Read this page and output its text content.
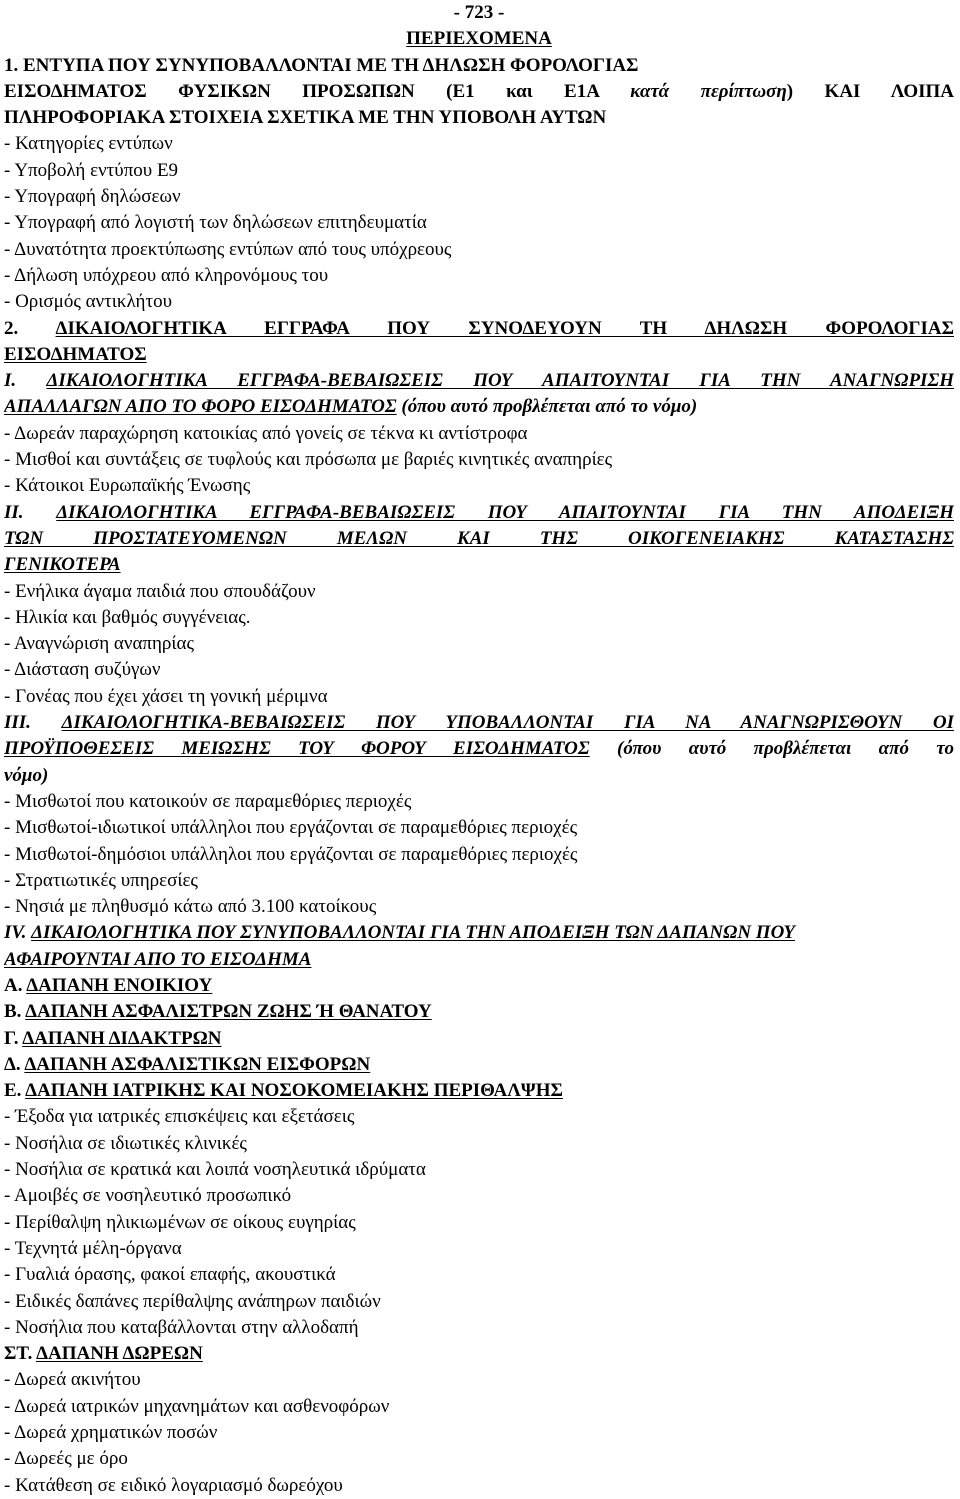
- 723 -
ΠΕΡΙΕΧΟΜΕΝΑ
1. ΕΝΤΥΠΑ ΠΟΥ ΣΥΝΥΠΟΒΑΛΛΟΝΤΑΙ ΜΕ ΤΗ ΔΗΛΩΣΗ ΦΟΡΟΛΟΓΙΑΣ
ΕΙΣΟΔΗΜΑΤΟΣ ΦΥΣΙΚΩΝ ΠΡΟΣΩΠΩΝ (Ε1 και Ε1Α κατά περίπτωση) ΚΑΙ ΛΟΙΠΑ
ΠΛΗΡΟΦΟΡΙΑΚΑ ΣΤΟΙΧΕΙΑ ΣΧΕΤΙΚΑ ΜΕ ΤΗΝ ΥΠΟΒΟΛΗ ΑΥΤΩΝ
- Κατηγορίες εντύπων
- Υποβολή εντύπου Ε9
- Υπογραφή δηλώσεων
- Υπογραφή από λογιστή των δηλώσεων επιτηδευματία
- Δυνατότητα προεκτύπωσης εντύπων από τους υπόχρεους
- Δήλωση υπόχρεου από κληρονόμους του
- Ορισμός αντικλήτου
2. ΔΙΚΑΙΟΛΟΓΗΤΙΚΑ ΕΓΓΡΑΦΑ ΠΟΥ ΣΥΝΟΔΕΥΟΥΝ ΤΗ ΔΗΛΩΣΗ ΦΟΡΟΛΟΓΙΑΣ
ΕΙΣΟΔΗΜΑΤΟΣ
I. ΔΙΚΑΙΟΛΟΓΗΤΙΚΑ ΕΓΓΡΑΦΑ-ΒΕΒΑΙΩΣΕΙΣ ΠΟΥ ΑΠΑΙΤΟΥΝΤΑΙ ΓΙΑ ΤΗΝ ΑΝΑΓΝΩΡΙΣΗ
ΑΠΑΛΛΑΓΩΝ ΑΠΟ ΤΟ ΦΟΡΟ ΕΙΣΟΔΗΜΑΤΟΣ (όπου αυτό προβλέπεται από το νόμο)
- Δωρεάν παραχώρηση κατοικίας από γονείς σε τέκνα κι αντίστροφα
- Μισθοί και συντάξεις σε τυφλούς και πρόσωπα με βαριές κινητικές αναπηρίες
- Κάτοικοι Ευρωπαϊκής Ένωσης
II. ΔΙΚΑΙΟΛΟΓΗΤΙΚΑ ΕΓΓΡΑΦΑ-ΒΕΒΑΙΩΣΕΙΣ ΠΟΥ ΑΠΑΙΤΟΥΝΤΑΙ ΓΙΑ ΤΗΝ ΑΠΟΔΕΙΞΗ
ΤΩΝ ΠΡΟΣΤΑΤΕΥΟΜΕΝΩΝ ΜΕΛΩΝ ΚΑΙ ΤΗΣ ΟΙΚΟΓΕΝΕΙΑΚΗΣ ΚΑΤΑΣΤΑΣΗΣ
ΓΕΝΙΚΟΤΕΡΑ
- Ενήλικα άγαμα παιδιά που σπουδάζουν
- Ηλικία και βαθμός συγγένειας.
- Αναγνώριση αναπηρίας
- Διάσταση συζύγων
- Γονέας που έχει χάσει τη γονική μέριμνα
III. ΔΙΚΑΙΟΛΟΓΗΤΙΚΑ-ΒΕΒΑΙΩΣΕΙΣ ΠΟΥ ΥΠΟΒΑΛΛΟΝΤΑΙ ΓΙΑ ΝΑ ΑΝΑΓΝΩΡΙΣΘΟΥΝ ΟΙ
ΠΡΟΫΠΟΘΕΣΕΙΣ ΜΕΙΩΣΗΣ ΤΟΥ ΦΟΡΟΥ ΕΙΣΟΔΗΜΑΤΟΣ (όπου αυτό προβλέπεται από το
νόμο)
- Μισθωτοί που κατοικούν σε παραμεθόριες περιοχές
- Μισθωτοί-ιδιωτικοί υπάλληλοι που εργάζονται σε παραμεθόριες περιοχές
- Μισθωτοί-δημόσιοι υπάλληλοι που εργάζονται σε παραμεθόριες περιοχές
- Στρατιωτικές υπηρεσίες
- Νησιά με πληθυσμό κάτω από 3.100 κατοίκους
IV. ΔΙΚΑΙΟΛΟΓΗΤΙΚΑ ΠΟΥ ΣΥΝΥΠΟΒΑΛΛΟΝΤΑΙ ΓΙΑ ΤΗΝ ΑΠΟΔΕΙΞΗ ΤΩΝ ΔΑΠΑΝΩΝ ΠΟΥ
ΑΦΑΙΡΟΥΝΤΑΙ ΑΠΟ ΤΟ ΕΙΣΟΔΗΜΑ
Α. ΔΑΠΑΝΗ ΕΝΟΙΚΙΟΥ
Β. ΔΑΠΑΝΗ ΑΣΦΑΛΙΣΤΡΩΝ ΖΩΗΣ Ή ΘΑΝΑΤΟΥ
Γ. ΔΑΠΑΝΗ ΔΙΔΑΚΤΡΩΝ
Δ. ΔΑΠΑΝΗ ΑΣΦΑΛΙΣΤΙΚΩΝ ΕΙΣΦΟΡΩΝ
Ε. ΔΑΠΑΝΗ ΙΑΤΡΙΚΗΣ ΚΑΙ ΝΟΣΟΚΟΜΕΙΑΚΗΣ ΠΕΡΙΘΑΛΨΗΣ
- Έξοδα για ιατρικές επισκέψεις και εξετάσεις
- Νοσήλια σε ιδιωτικές κλινικές
- Νοσήλια σε κρατικά και λοιπά νοσηλευτικά ιδρύματα
- Αμοιβές σε νοσηλευτικό προσωπικό
- Περίθαλψη ηλικιωμένων σε οίκους ευγηρίας
- Τεχνητά μέλη-όργανα
- Γυαλιά όρασης, φακοί επαφής, ακουστικά
- Ειδικές δαπάνες περίθαλψης ανάπηρων παιδιών
- Νοσήλια που καταβάλλονται στην αλλοδαπή
ΣΤ. ΔΑΠΑΝΗ ΔΩΡΕΩΝ
- Δωρεά ακινήτου
- Δωρεά ιατρικών μηχανημάτων και ασθενοφόρων
- Δωρεά χρηματικών ποσών
- Δωρεές με όρο
- Κατάθεση σε ειδικό λογαριασμό δωρεόχου
